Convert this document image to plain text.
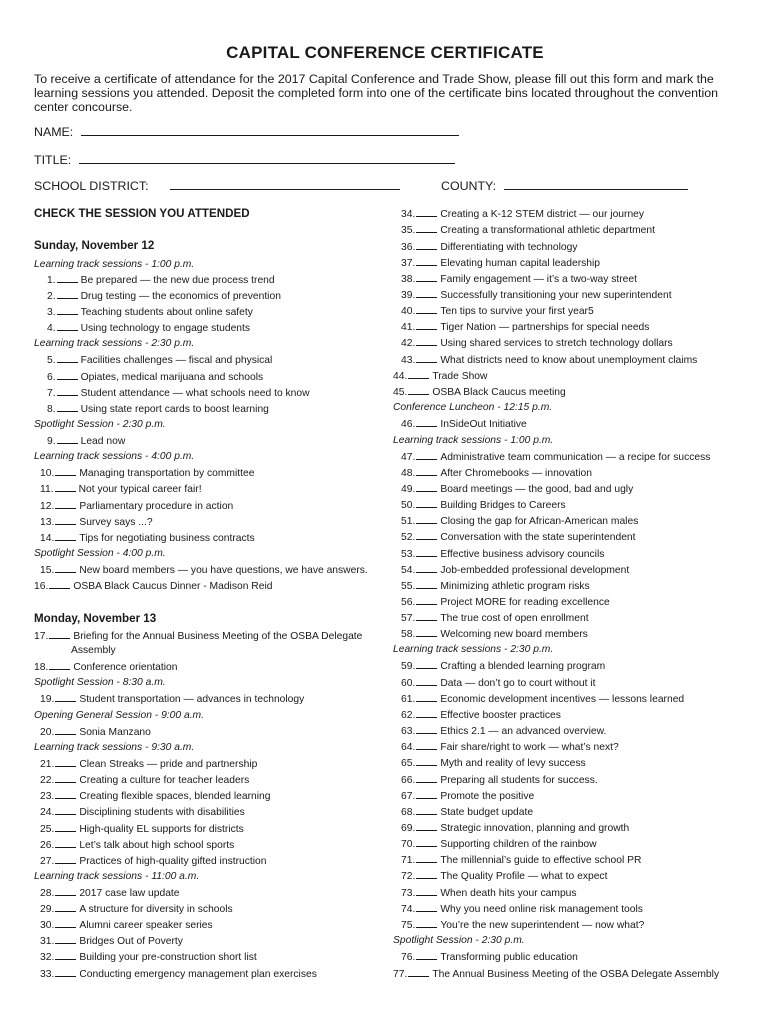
CAPITAL CONFERENCE CERTIFICATE
To receive a certificate of attendance for the 2017 Capital Conference and Trade Show, please fill out this form and mark the learning sessions you attended. Deposit the completed form into one of the certificate bins located throughout the convention center concourse.
NAME:
TITLE:
SCHOOL DISTRICT:	COUNTY:
CHECK THE SESSION YOU ATTENDED
Sunday, November 12
Learning track sessions - 1:00 p.m.
1. Be prepared — the new due process trend
2. Drug testing — the economics of prevention
3. Teaching students about online safety
4. Using technology to engage students
Learning track sessions - 2:30 p.m.
5. Facilities challenges — fiscal and physical
6. Opiates, medical marijuana and schools
7. Student attendance — what schools need to know
8. Using state report cards to boost learning
Spotlight Session - 2:30 p.m.
9. Lead now
Learning track sessions - 4:00 p.m.
10. Managing transportation by committee
11. Not your typical career fair!
12. Parliamentary procedure in action
13. Survey says ...?
14. Tips for negotiating business contracts
Spotlight Session - 4:00 p.m.
15. New board members — you have questions, we have answers.
16. OSBA Black Caucus Dinner - Madison Reid
Monday, November 13
17. Briefing for the Annual Business Meeting of the OSBA Delegate
Assembly
18. Conference orientation
Spotlight Session - 8:30 a.m.
19. Student transportation — advances in technology
Opening General Session - 9:00 a.m.
20. Sonia Manzano
Learning track sessions - 9:30 a.m.
21. Clean Streaks — pride and partnership
22. Creating a culture for teacher leaders
23. Creating flexible spaces, blended learning
24. Disciplining students with disabilities
25. High-quality EL supports for districts
26. Let’s talk about high school sports
27. Practices of high-quality gifted instruction
Learning track sessions - 11:00 a.m.
28. 2017 case law update
29. A structure for diversity in schools
30. Alumni career speaker series
31. Bridges Out of Poverty
32. Building your pre-construction short list
33. Conducting emergency management plan exercises
34. Creating a K-12 STEM district — our journey
35. Creating a transformational athletic department
36. Differentiating with technology
37. Elevating human capital leadership
38. Family engagement — it’s a two-way street
39. Successfully transitioning your new superintendent
40. Ten tips to survive your first year5
41. Tiger Nation — partnerships for special needs
42. Using shared services to stretch technology dollars
43. What districts need to know about unemployment claims
44. Trade Show
45. OSBA Black Caucus meeting
Conference Luncheon - 12:15 p.m.
46. InSideOut Initiative
Learning track sessions - 1:00 p.m.
47. Administrative team communication — a recipe for success
48. After Chromebooks — innovation
49. Board meetings — the good, bad and ugly
50. Building Bridges to Careers
51. Closing the gap for African-American males
52. Conversation with the state superintendent
53. Effective business advisory councils
54. Job-embedded professional development
55. Minimizing athletic program risks
56. Project MORE for reading excellence
57. The true cost of open enrollment
58. Welcoming new board members
Learning track sessions - 2:30 p.m.
59. Crafting a blended learning program
60. Data — don’t go to court without it
61. Economic development incentives — lessons learned
62. Effective booster practices
63. Ethics 2.1 — an advanced overview.
64. Fair share/right to work — what’s next?
65. Myth and reality of levy success
66. Preparing all students for success.
67. Promote the positive
68. State budget update
69. Strategic innovation, planning and growth
70. Supporting children of the rainbow
71. The millennial’s guide to effective school PR
72. The Quality Profile — what to expect
73. When death hits your campus
74. Why you need online risk management tools
75. You’re the new superintendent — now what?
Spotlight Session - 2:30 p.m.
76. Transforming public education
77. The Annual Business Meeting of the OSBA Delegate Assembly
